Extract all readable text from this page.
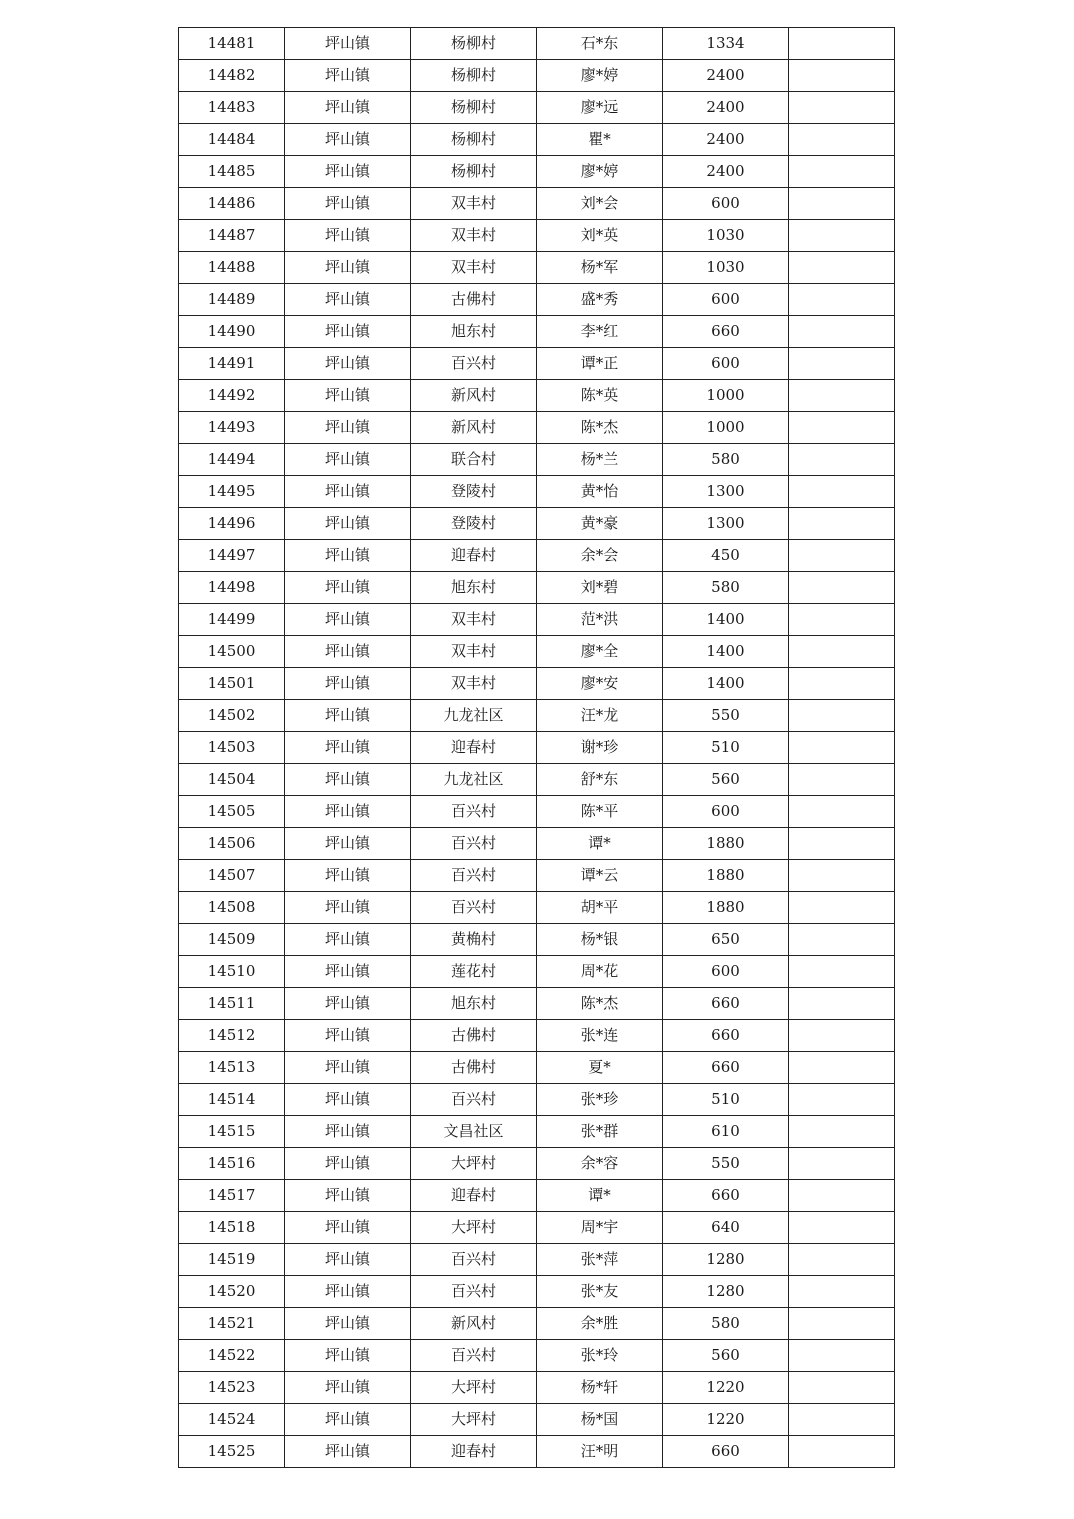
14481	坪山镇	杨柳村	石*东	1334	
14482	坪山镇	杨柳村	廖*婷	2400	
14483	坪山镇	杨柳村	廖*远	2400	
14484	坪山镇	杨柳村	瞿*	2400	
14485	坪山镇	杨柳村	廖*婷	2400	
14486	坪山镇	双丰村	刘*会	600	
14487	坪山镇	双丰村	刘*英	1030	
14488	坪山镇	双丰村	杨*军	1030	
14489	坪山镇	古佛村	盛*秀	600	
14490	坪山镇	旭东村	李*红	660	
14491	坪山镇	百兴村	谭*正	600	
14492	坪山镇	新风村	陈*英	1000	
14493	坪山镇	新风村	陈*杰	1000	
14494	坪山镇	联合村	杨*兰	580	
14495	坪山镇	登陵村	黄*怡	1300	
14496	坪山镇	登陵村	黄*豪	1300	
14497	坪山镇	迎春村	余*会	450	
14498	坪山镇	旭东村	刘*碧	580	
14499	坪山镇	双丰村	范*洪	1400	
14500	坪山镇	双丰村	廖*全	1400	
14501	坪山镇	双丰村	廖*安	1400	
14502	坪山镇	九龙社区	汪*龙	550	
14503	坪山镇	迎春村	谢*珍	510	
14504	坪山镇	九龙社区	舒*东	560	
14505	坪山镇	百兴村	陈*平	600	
14506	坪山镇	百兴村	谭*	1880	
14507	坪山镇	百兴村	谭*云	1880	
14508	坪山镇	百兴村	胡*平	1880	
14509	坪山镇	黄桷村	杨*银	650	
14510	坪山镇	莲花村	周*花	600	
14511	坪山镇	旭东村	陈*杰	660	
14512	坪山镇	古佛村	张*连	660	
14513	坪山镇	古佛村	夏*	660	
14514	坪山镇	百兴村	张*珍	510	
14515	坪山镇	文昌社区	张*群	610	
14516	坪山镇	大坪村	余*容	550	
14517	坪山镇	迎春村	谭*	660	
14518	坪山镇	大坪村	周*宇	640	
14519	坪山镇	百兴村	张*萍	1280	
14520	坪山镇	百兴村	张*友	1280	
14521	坪山镇	新风村	余*胜	580	
14522	坪山镇	百兴村	张*玲	560	
14523	坪山镇	大坪村	杨*轩	1220	
14524	坪山镇	大坪村	杨*国	1220	
14525	坪山镇	迎春村	汪*明	660	
